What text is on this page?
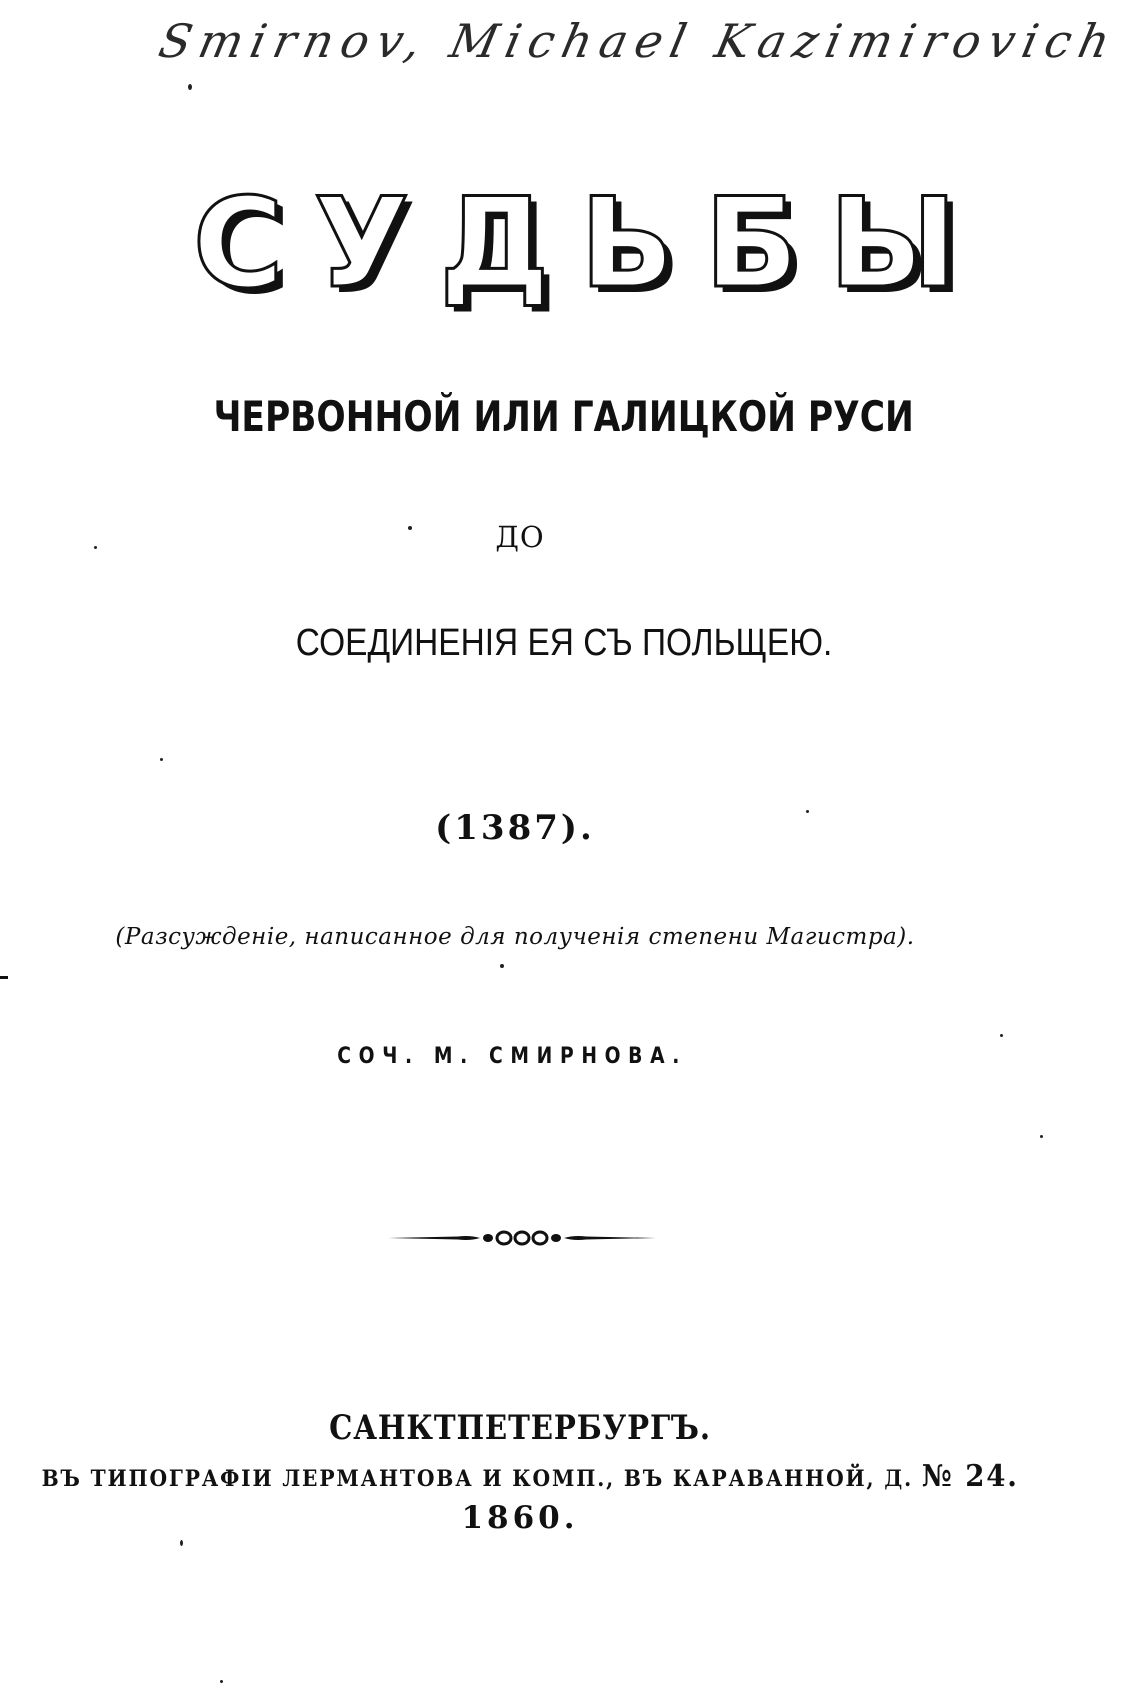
Smirnov, Michael Kazimirovich
СУДЬБЫ
ЧЕРВОННОЙ ИЛИ ГАЛИЦКОЙ РУСИ
ДО
СОЕДИНЕНІЯ ЕЯ СЪ ПОЛЬЩЕЮ.
(1387).
(Разсужденіе, написанное для полученія степени Магистра).
СОЧ. М. СМИРНОВА.
САНКТПЕТЕРБУРГЪ.
ВЪ ТИПОГРАФІИ ЛЕРМАНТОВА И КОМП., ВЪ КАРАВАННОЙ, Д. № 24.
1860.
